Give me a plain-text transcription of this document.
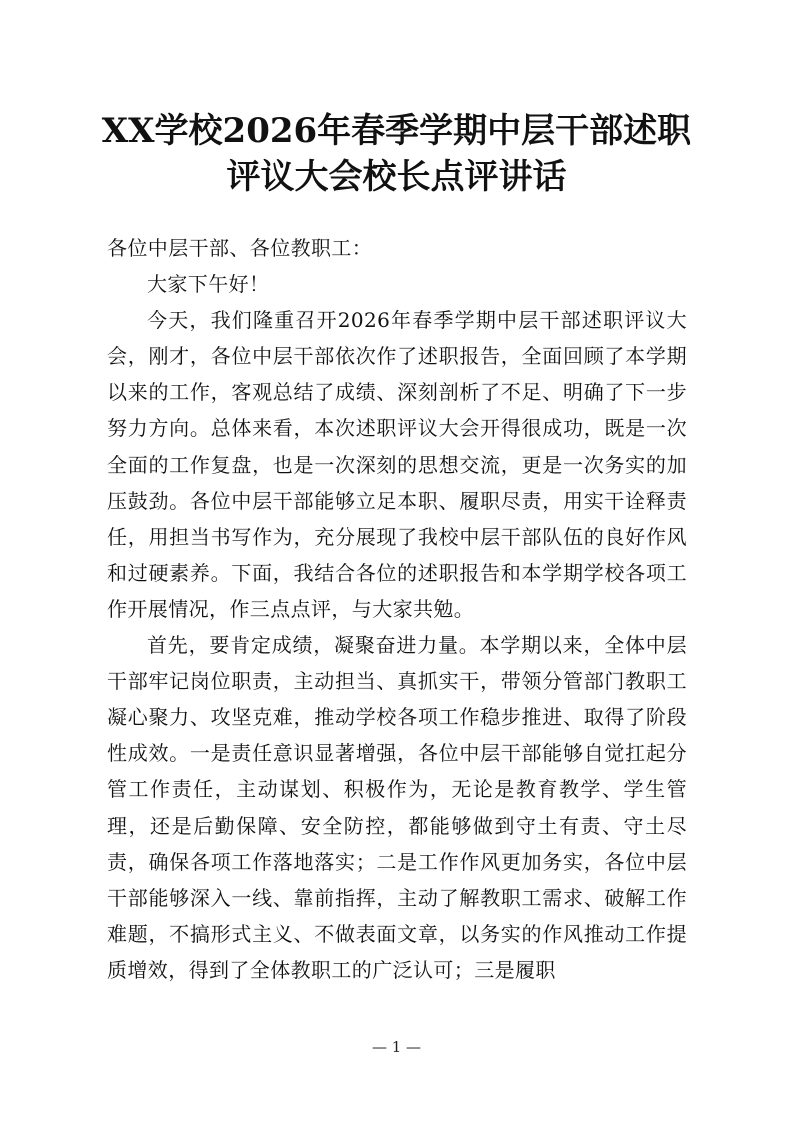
XX学校2026年春季学期中层干部述职评议大会校长点评讲话

各位中层干部、各位教职工：

大家下午好！

今天，我们隆重召开2026年春季学期中层干部述职评议大会，刚才，各位中层干部依次作了述职报告，全面回顾了本学期以来的工作，客观总结了成绩、深刻剖析了不足、明确了下一步努力方向。总体来看，本次述职评议大会开得很成功，既是一次全面的工作复盘，也是一次深刻的思想交流，更是一次务实的加压鼓劲。各位中层干部能够立足本职、履职尽责，用实干诠释责任，用担当书写作为，充分展现了我校中层干部队伍的良好作风和过硬素养。下面，我结合各位的述职报告和本学期学校各项工作开展情况，作三点点评，与大家共勉。

首先，要肯定成绩，凝聚奋进力量。本学期以来，全体中层干部牢记岗位职责，主动担当、真抓实干，带领分管部门教职工凝心聚力、攻坚克难，推动学校各项工作稳步推进、取得了阶段性成效。一是责任意识显著增强，各位中层干部能够自觉扛起分管工作责任，主动谋划、积极作为，无论是教育教学、学生管理，还是后勤保障、安全防控，都能够做到守土有责、守土尽责，确保各项工作落地落实；二是工作作风更加务实，各位中层干部能够深入一线、靠前指挥，主动了解教职工需求、破解工作难题，不搞形式主义、不做表面文章，以务实的作风推动工作提质增效，得到了全体教职工的广泛认可；三是履职

— 1 —
